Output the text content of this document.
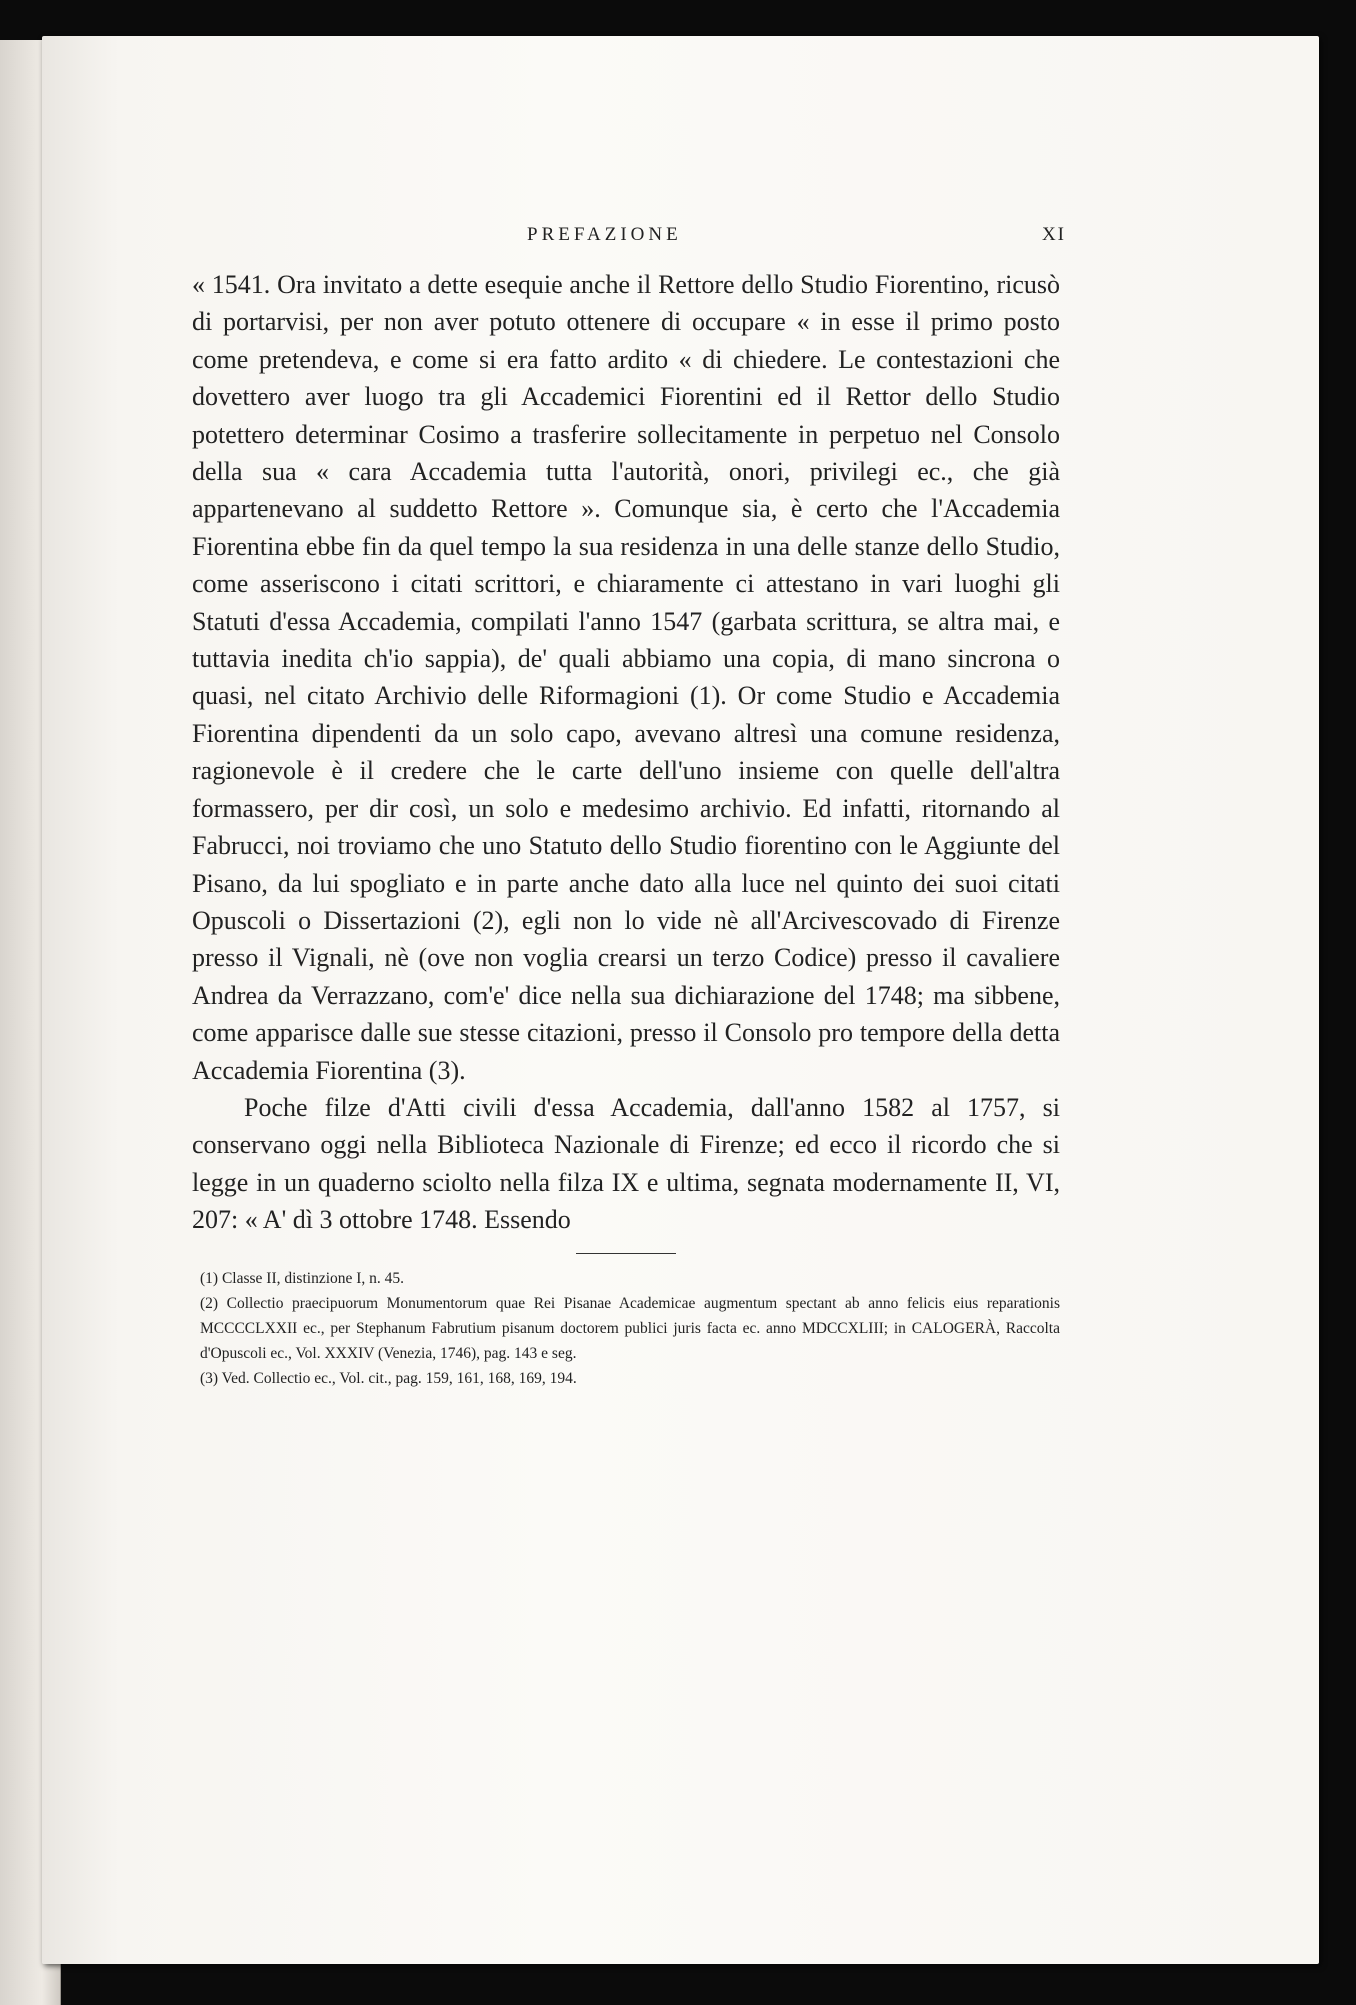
PREFAZIONE	XI

« 1541. Ora invitato a dette esequie anche il Rettore dello Studio Fiorentino, ricusò di portarvisi, per non aver potuto ottenere di occupare « in esse il primo posto come pretendeva, e come si era fatto ardito « di chiedere. Le contestazioni che dovettero aver luogo tra gli Accademici Fiorentini ed il Rettor dello Studio potettero determinar Cosimo a trasferire sollecitamente in perpetuo nel Consolo della sua « cara Accademia tutta l'autorità, onori, privilegi ec., che già appartenevano al suddetto Rettore ». Comunque sia, è certo che l'Accademia Fiorentina ebbe fin da quel tempo la sua residenza in una delle stanze dello Studio, come asseriscono i citati scrittori, e chiaramente ci attestano in vari luoghi gli Statuti d'essa Accademia, compilati l'anno 1547 (garbata scrittura, se altra mai, e tuttavia inedita ch'io sappia), de' quali abbiamo una copia, di mano sincrona o quasi, nel citato Archivio delle Riformagioni (1). Or come Studio e Accademia Fiorentina dipendenti da un solo capo, avevano altresì una comune residenza, ragionevole è il credere che le carte dell'uno insieme con quelle dell'altra formassero, per dir così, un solo e medesimo archivio. Ed infatti, ritornando al Fabrucci, noi troviamo che uno Statuto dello Studio fiorentino con le Aggiunte del Pisano, da lui spogliato e in parte anche dato alla luce nel quinto dei suoi citati Opuscoli o Dissertazioni (2), egli non lo vide nè all'Arcivescovado di Firenze presso il Vignali, nè (ove non voglia crearsi un terzo Codice) presso il cavaliere Andrea da Verrazzano, com'e' dice nella sua dichiarazione del 1748; ma sibbene, come apparisce dalle sue stesse citazioni, presso il Consolo pro tempore della detta Accademia Fiorentina (3).

Poche filze d'Atti civili d'essa Accademia, dall'anno 1582 al 1757, si conservano oggi nella Biblioteca Nazionale di Firenze; ed ecco il ricordo che si legge in un quaderno sciolto nella filza IX e ultima, segnata modernamente II, VI, 207: « A' dì 3 ottobre 1748. Essendo

(1) Classe II, distinzione I, n. 45.

(2) Collectio praecipuorum Monumentorum quae Rei Pisanae Academicae augmentum spectant ab anno felicis eius reparationis MCCCCLXXII ec., per Stephanum Fabrutium pisanum doctorem publici juris facta ec. anno MDCCXLIII; in CALOGERÀ, Raccolta d'Opuscoli ec., Vol. XXXIV (Venezia, 1746), pag. 143 e seg.

(3) Ved. Collectio ec., Vol. cit., pag. 159, 161, 168, 169, 194.
